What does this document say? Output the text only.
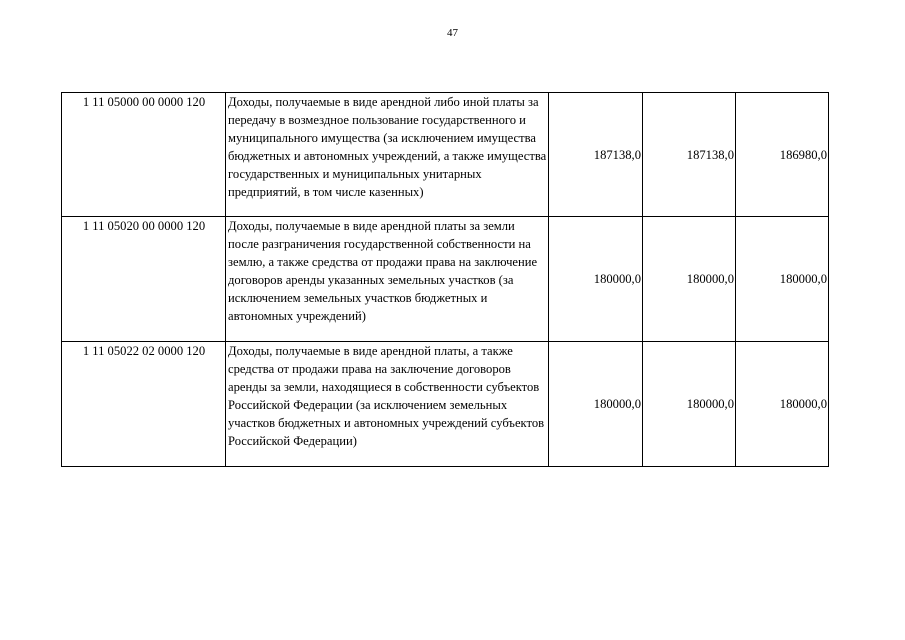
47
1 11 05000 00 0000 120	Доходы, получаемые в виде арендной либо иной платы за передачу в возмездное пользование государственного и муниципального имущества (за исключением имущества бюджетных и автономных учреждений, а также имущества государственных и муниципальных унитарных предприятий, в том числе казенных)	187138,0	187138,0	186980,0
1 11 05020 00 0000 120	Доходы, получаемые в виде арендной платы за земли после разграничения государственной собственности на землю, а также средства от продажи права на заключение договоров аренды указанных земельных участков (за исключением земельных участков бюджетных и автономных учреждений)	180000,0	180000,0	180000,0
1 11 05022 02 0000 120	Доходы, получаемые в виде арендной платы, а также средства от продажи права на заключение договоров аренды за земли, находящиеся в собственности субъектов Российской Федерации (за исключением земельных участков бюджетных и автономных учреждений субъектов Российской Федерации)	180000,0	180000,0	180000,0
